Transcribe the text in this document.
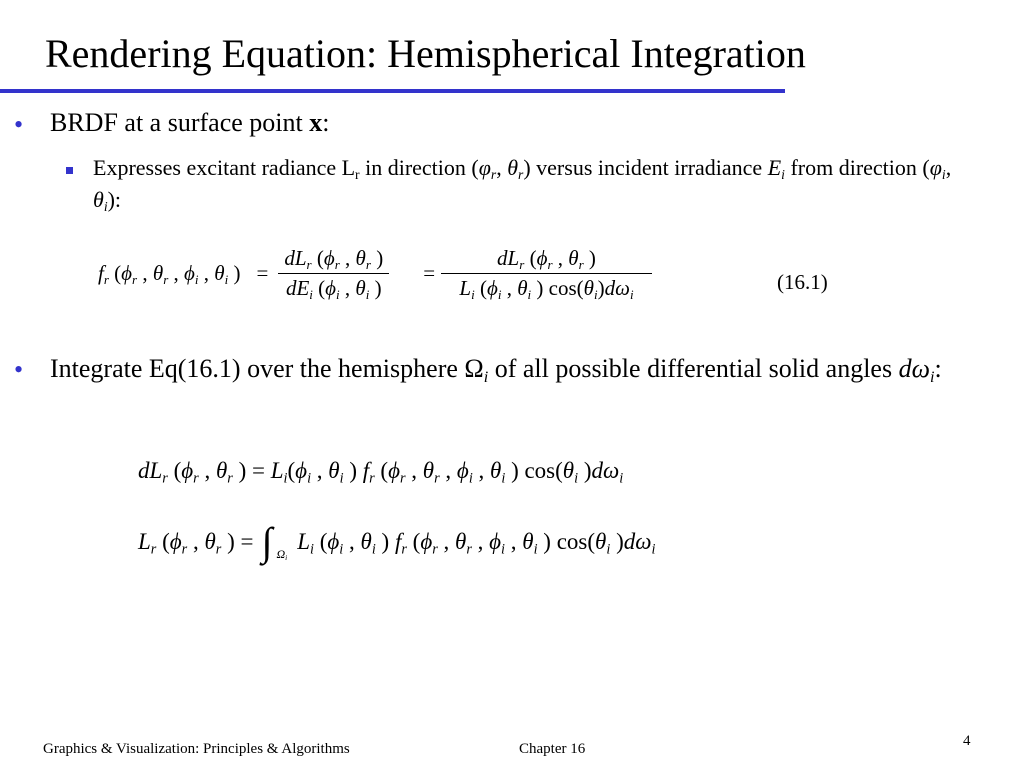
Rendering Equation: Hemispherical Integration
• BRDF at a surface point x:
Expresses excitant radiance $L_r$ in direction ($\varphi_r$, $\theta_r$) versus incident irradiance $E_i$ from direction ($\varphi_i$, $\theta_i$):
$f_r$ ($\phi_r$ , $\theta_r$ , $\phi_i$ , $\theta_i$ ) = $\frac{dL_r (\phi_r , \theta_r )}{dE_i (\phi_i , \theta_i )} = \frac{dL_r (\phi_r , \theta_r )}{L_i (\phi_i , \theta_i ) \cos(\theta_i)d\omega_i}$	(16.1)
• Integrate Eq(16.1) over the hemisphere $\Omega_i$ of all possible differential solid angles $d\omega_i$:
$dL_r$ ($\phi_r$ , $\theta_r$ ) = $L_i(\phi_i$ , $\theta_i$ ) $f_r$ ($\phi_r$ , $\theta_r$ , $\phi_i$ , $\theta_i$ ) $\cos(\theta_i$ )$d\omega_i$
$L_r$ ($\phi_r$ , $\theta_r$ ) = ∫ $\Omega_i$
$L_i$ ($\phi_i$ , $\theta_i$ ) $f_r$ ($\phi_r$ , $\theta_r$ , $\phi_i$ , $\theta_i$ ) $\cos(\theta_i$ )$d\omega_i$
Graphics & Visualization: Principles & Algorithms	Chapter 16	4
